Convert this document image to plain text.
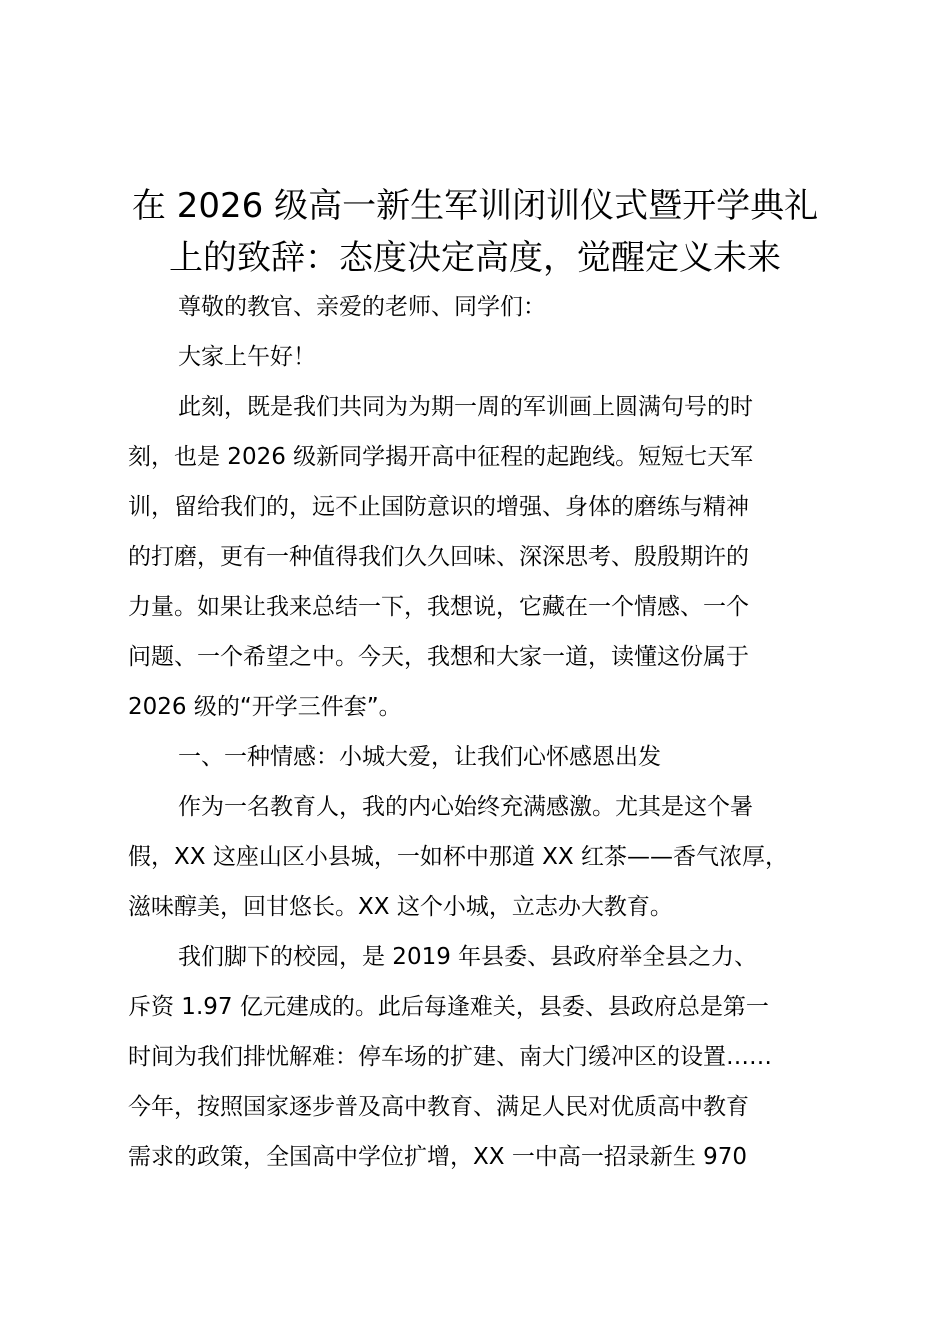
在 2026 级高一新生军训闭训仪式暨开学典礼
上的致辞：态度决定高度，觉醒定义未来
尊敬的教官、亲爱的老师、同学们：
大家上午好！
此刻，既是我们共同为为期一周的军训画上圆满句号的时
刻，也是 2026 级新同学揭开高中征程的起跑线。短短七天军
训，留给我们的，远不止国防意识的增强、身体的磨练与精神
的打磨，更有一种值得我们久久回味、深深思考、殷殷期许的
力量。如果让我来总结一下，我想说，它藏在一个情感、一个
问题、一个希望之中。今天，我想和大家一道，读懂这份属于
2026 级的“开学三件套”。
一、一种情感：小城大爱，让我们心怀感恩出发
作为一名教育人，我的内心始终充满感激。尤其是这个暑
假，XX 这座山区小县城，一如杯中那道 XX 红茶——香气浓厚，
滋味醇美，回甘悠长。XX 这个小城，立志办大教育。
我们脚下的校园，是 2019 年县委、县政府举全县之力、
斥资 1.97 亿元建成的。此后每逢难关，县委、县政府总是第一
时间为我们排忧解难：停车场的扩建、南大门缓冲区的设置……
今年，按照国家逐步普及高中教育、满足人民对优质高中教育
需求的政策，全国高中学位扩增，XX 一中高一招录新生 970
